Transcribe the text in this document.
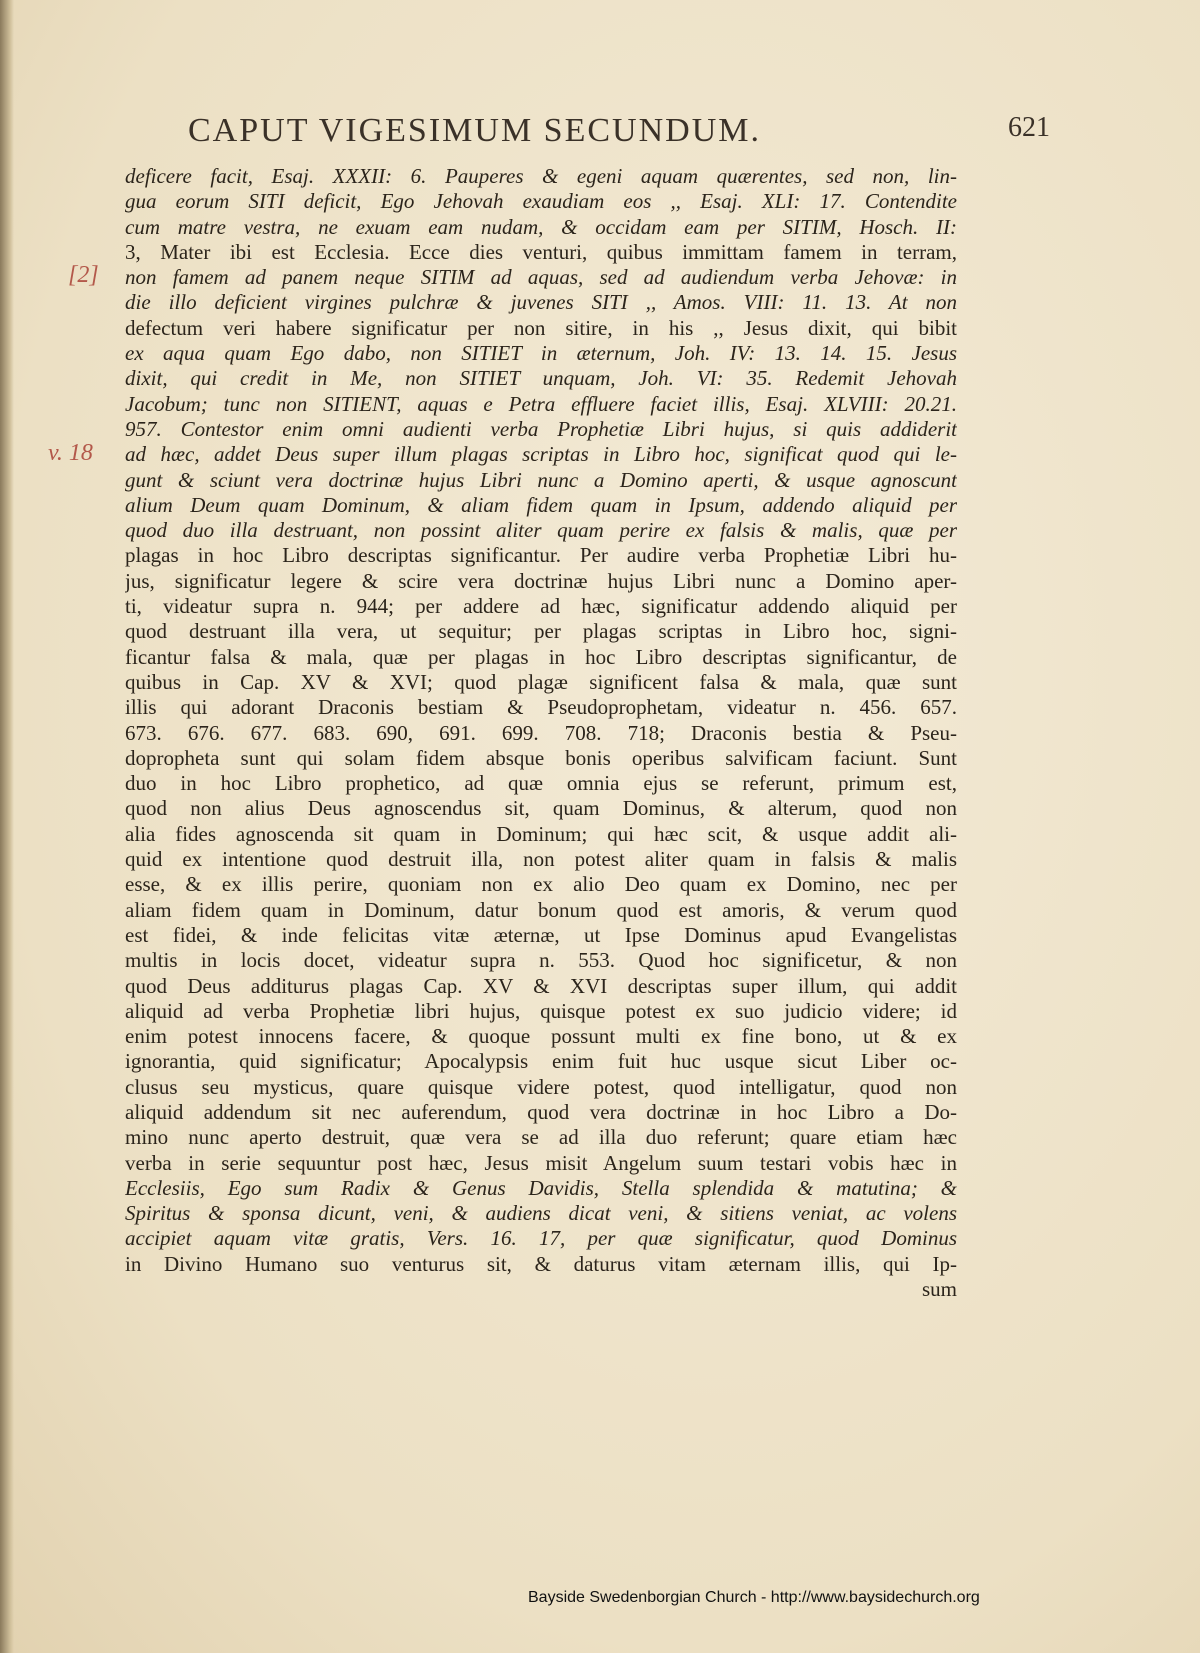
CAPUT VIGESIMUM SECUNDUM.	621
[2]
v. 18
deficere facit, Esaj. XXXII: 6. Pauperes & egeni aquam quærentes, sed non, lin-
gua eorum SITI deficit, Ego Jehovah exaudiam eos ,, Esaj. XLI: 17. Contendite
cum matre vestra, ne exuam eam nudam, & occidam eam per SITIM, Hosch. II:
3, Mater ibi est Ecclesia. Ecce dies venturi, quibus immittam famem in terram,
non famem ad panem neque SITIM ad aquas, sed ad audiendum verba Jehovæ: in
die illo deficient virgines pulchræ & juvenes SITI ,, Amos. VIII: 11. 13. At non
defectum veri habere significatur per non sitire, in his ,, Jesus dixit, qui bibit
ex aqua quam Ego dabo, non SITIET in æternum, Joh. IV: 13. 14. 15. Jesus
dixit, qui credit in Me, non SITIET unquam, Joh. VI: 35. Redemit Jehovah
Jacobum; tunc non SITIENT, aquas e Petra effluere faciet illis, Esaj. XLVIII: 20.21.
957. Contestor enim omni audienti verba Prophetiæ Libri hujus, si quis addiderit
ad hæc, addet Deus super illum plagas scriptas in Libro hoc, significat quod qui le-
gunt & sciunt vera doctrinæ hujus Libri nunc a Domino aperti, & usque agnoscunt
alium Deum quam Dominum, & aliam fidem quam in Ipsum, addendo aliquid per
quod duo illa destruant, non possint aliter quam perire ex falsis & malis, quæ per
plagas in hoc Libro descriptas significantur. Per audire verba Prophetiæ Libri hu-
jus, significatur legere & scire vera doctrinæ hujus Libri nunc a Domino aper-
ti, videatur supra n. 944; per addere ad hæc, significatur addendo aliquid per
quod destruant illa vera, ut sequitur; per plagas scriptas in Libro hoc, signi-
ficantur falsa & mala, quæ per plagas in hoc Libro descriptas significantur, de
quibus in Cap. XV & XVI; quod plagæ significent falsa & mala, quæ sunt
illis qui adorant Draconis bestiam & Pseudoprophetam, videatur n. 456. 657.
673. 676. 677. 683. 690, 691. 699. 708. 718; Draconis bestia & Pseu-
dopropheta sunt qui solam fidem absque bonis operibus salvificam faciunt. Sunt
duo in hoc Libro prophetico, ad quæ omnia ejus se referunt, primum est,
quod non alius Deus agnoscendus sit, quam Dominus, & alterum, quod non
alia fides agnoscenda sit quam in Dominum; qui hæc scit, & usque addit ali-
quid ex intentione quod destruit illa, non potest aliter quam in falsis & malis
esse, & ex illis perire, quoniam non ex alio Deo quam ex Domino, nec per
aliam fidem quam in Dominum, datur bonum quod est amoris, & verum quod
est fidei, & inde felicitas vitæ æternæ, ut Ipse Dominus apud Evangelistas
multis in locis docet, videatur supra n. 553. Quod hoc significetur, & non
quod Deus additurus plagas Cap. XV & XVI descriptas super illum, qui addit
aliquid ad verba Prophetiæ libri hujus, quisque potest ex suo judicio videre; id
enim potest innocens facere, & quoque possunt multi ex fine bono, ut & ex
ignorantia, quid significatur; Apocalypsis enim fuit huc usque sicut Liber oc-
clusus seu mysticus, quare quisque videre potest, quod intelligatur, quod non
aliquid addendum sit nec auferendum, quod vera doctrinæ in hoc Libro a Do-
mino nunc aperto destruit, quæ vera se ad illa duo referunt; quare etiam hæc
verba in serie sequuntur post hæc, Jesus misit Angelum suum testari vobis hæc in
Ecclesiis, Ego sum Radix & Genus Davidis, Stella splendida & matutina; &
Spiritus & sponsa dicunt, veni, & audiens dicat veni, & sitiens veniat, ac volens
accipiet aquam vitæ gratis, Vers. 16. 17, per quæ significatur, quod Dominus
in Divino Humano suo venturus sit, & daturus vitam æternam illis, qui Ip-
sum
Bayside Swedenborgian Church - http://www.baysidechurch.org
